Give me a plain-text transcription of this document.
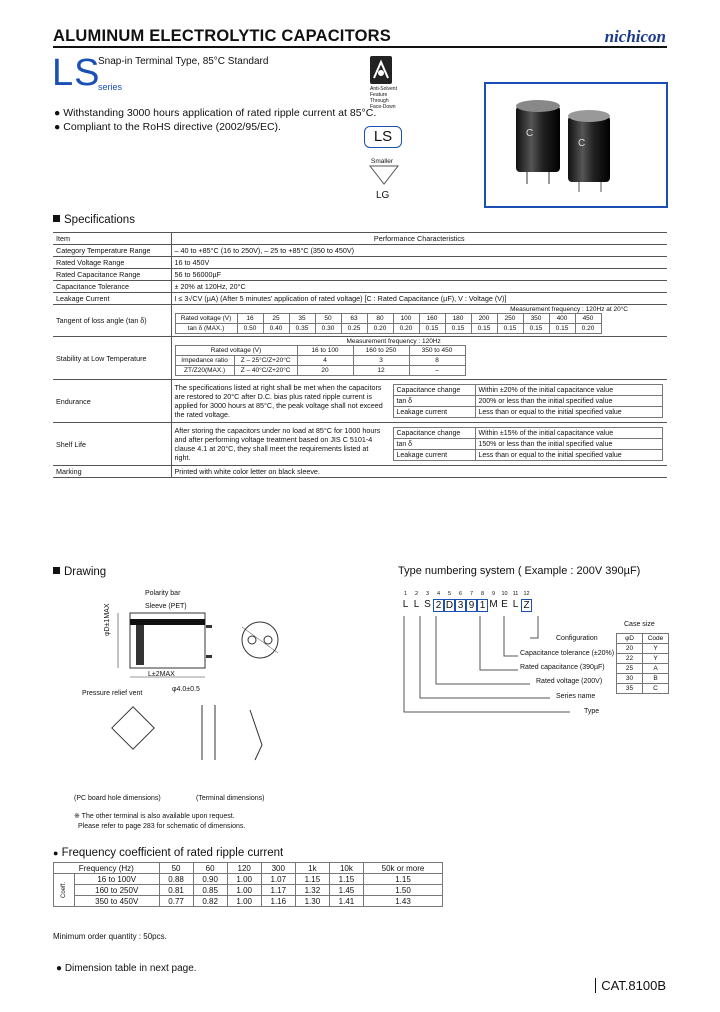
ALUMINUM ELECTROLYTIC CAPACITORS	nichicon
LS
Snap-in Terminal Type, 85°C Standard
series	Anti-Solvent
Feature
Through
Face-Down
● Withstanding 3000 hours application of rated ripple current at 85°C.
● Compliant to the RoHS directive (2002/95/EC).
LS
Smaller
LG
C
C
Specifications
Item	Performance Characteristics
Category Temperature Range	– 40 to +85°C (16 to 250V), – 25 to +85°C (350 to 450V)
Rated Voltage Range	16 to 450V
Rated Capacitance Range	56 to 56000µF
Capacitance Tolerance	± 20% at 120Hz, 20°C
Leakage Current	I ≤ 3√CV (µA) (After 5 minutes' application of rated voltage) [C : Rated Capacitance (µF), V : Voltage (V)]
Tangent of loss angle (tan δ)	
Measurement frequency : 120Hz at 20°C
Rated voltage (V)	16	25	35	50	63	80	100	160	180	200	250	350	400	450
tan δ (MAX.)	0.50	0.40	0.35	0.30	0.25	0.20	0.20	0.15	0.15	0.15	0.15	0.15	0.15	0.20

Stability at Low Temperature	
Measurement frequency : 120Hz
Rated voltage (V)	16 to 100	160 to 250	350 to 450
Impedance ratio	Z – 25°C/Z+20°C	4	3	8
ZT/Z20(MAX.)	Z – 40°C/Z+20°C	20	12	–

Endurance	
The specifications listed at right shall be met when the capacitors are restored to 20°C after D.C. bias plus rated ripple current is applied for 3000 hours at 85°C, the peak voltage shall not exceed the rated voltage.
Capacitance change	Within ±20% of the initial capacitance value
tan δ	200% or less than the initial specified value
Leakage current	Less than or equal to the initial specified value

Shelf Life	
After storing the capacitors under no load at 85°C for 1000 hours and after performing voltage treatment based on JIS C 5101-4 clause 4.1 at 20°C, they shall meet the requirements listed at right.
Capacitance change	Within ±15% of the initial capacitance value
tan δ	150% or less than the initial specified value
Leakage current	Less than or equal to the initial specified value

Marking	Printed with white color letter on black sleeve.
Drawing
Polarity bar
Sleeve (PET)
Pressure relief vent
φD±1MAX
L±2MAX
φ4.0±0.5
(PC board hole dimensions)	(Terminal dimensions)
※ The other terminal is also available upon request.
Please refer to page 283 for schematic of dimensions.
Type numbering system ( Example : 200V 390µF)
1	2	3	4	5	6	7	8	9	10 11 12
L L S 2 D 3 9 1 M E L Z
Configuration
Capacitance tolerance (±20%)
Rated capacitance (390µF)
Rated voltage (200V)
Series name
Type
Case size
φD	Code
20	Y
22	Y
25	A
30	B
35	C
● Frequency coefficient of rated ripple current
Frequency (Hz)		50	60	120	300	1k	10k	50k or more

Coeff.	16 to 100V	0.88	0.90	1.00	1.07	1.15	1.15	1.15
	160 to 250V	0.81	0.85	1.00	1.17	1.32	1.45	1.50
	350 to 450V	0.77	0.82	1.00	1.16	1.30	1.41	1.43
Minimum order quantity : 50pcs.
● Dimension table in next page.
CAT.8100B
